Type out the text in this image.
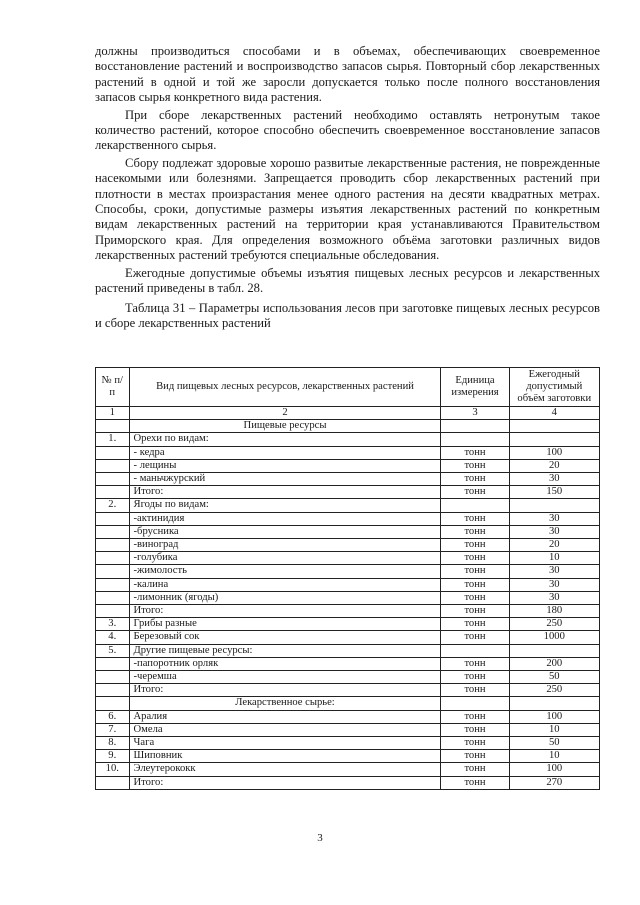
должны производиться способами и в объемах, обеспечивающих своевременное восстановление растений и воспроизводство запасов сырья. Повторный сбор лекарственных растений в одной и той же заросли допускается только после полного восстановления запасов сырья конкретного вида растения.

При сборе лекарственных растений необходимо оставлять нетронутым такое количество растений, которое способно обеспечить своевременное восстановление запасов лекарственного сырья.

Сбору подлежат здоровые хорошо развитые лекарственные растения, не поврежденные насекомыми или болезнями. Запрещается проводить сбор лекарственных растений при плотности в местах произрастания менее одного растения на десяти квадратных метрах. Способы, сроки, допустимые размеры изъятия лекарственных растений по конкретным видам лекарственных растений на территории края устанавливаются Правительством Приморского края. Для определения возможного объёма заготовки различных видов лекарственных растений требуются специальные обследования.

Ежегодные допустимые объемы изъятия пищевых лесных ресурсов и лекарственных растений приведены в табл. 28.

Таблица 31 – Параметры использования лесов при заготовке пищевых лесных ресурсов и сборе лекарственных растений

№ п/п	Вид пищевых лесных ресурсов, лекарственных растений	Единица измерения	Ежегодный допустимый объём заготовки
1	2	3	4
	Пищевые ресурсы		
1.	Орехи по видам:		
	- кедра	тонн	100
	- лещины	тонн	20
	- маньчжурский	тонн	30
	Итого:	тонн	150
2.	Ягоды по видам:		
	-актинидия	тонн	30
	-брусника	тонн	30
	-виноград	тонн	20
	-голубика	тонн	10
	-жимолость	тонн	30
	-калина	тонн	30
	-лимонник (ягоды)	тонн	30
	Итого:	тонн	180
3.	Грибы разные	тонн	250
4.	Березовый сок	тонн	1000
5.	Другие пищевые ресурсы:		
	-папоротник орляк	тонн	200
	-черемша	тонн	50
	Итого:	тонн	250
	Лекарственное сырье:		
6.	Аралия	тонн	100
7.	Омела	тонн	10
8.	Чага	тонн	50
9.	Шиповник	тонн	10
10.	Элеутерококк	тонн	100
	Итого:	тонн	270
3
